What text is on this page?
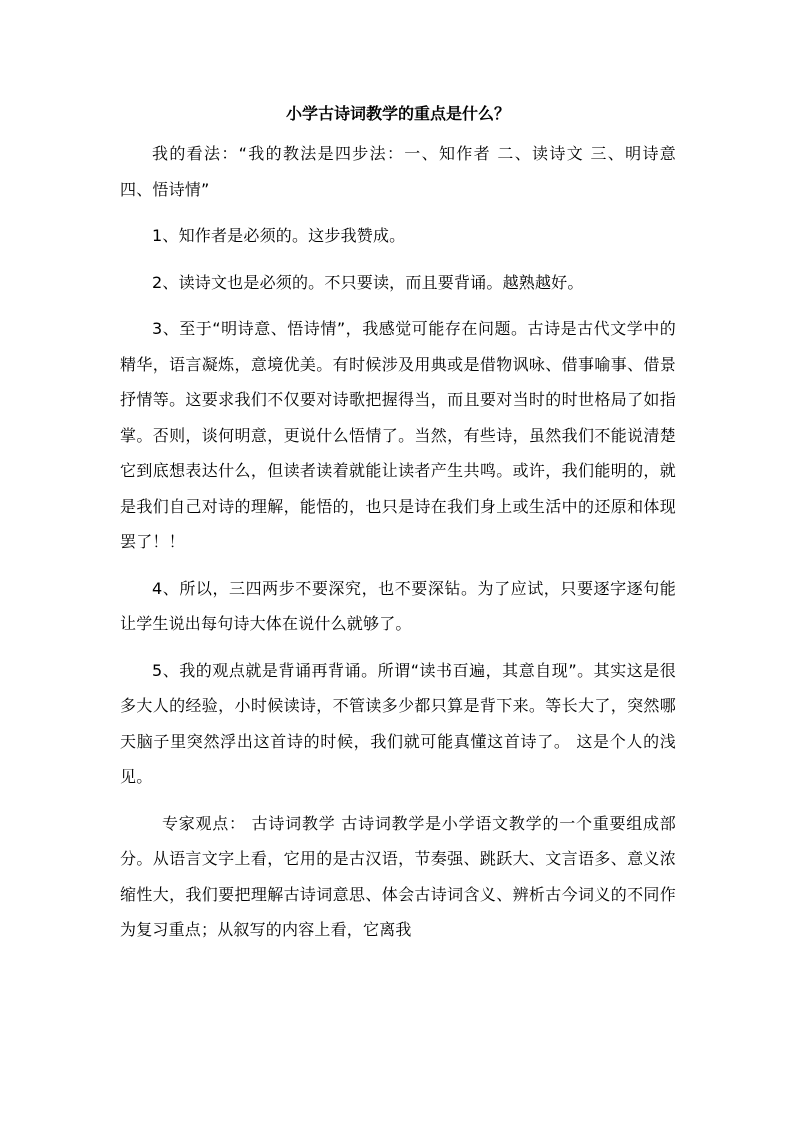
小学古诗词教学的重点是什么？

我的看法：“我的教法是四步法：一、知作者 二、读诗文 三、明诗意 四、悟诗情”

1、知作者是必须的。这步我赞成。

2、读诗文也是必须的。不只要读，而且要背诵。越熟越好。

3、至于“明诗意、悟诗情”，我感觉可能存在问题。古诗是古代文学中的精华，语言凝炼，意境优美。有时候涉及用典或是借物讽咏、借事喻事、借景抒情等。这要求我们不仅要对诗歌把握得当，而且要对当时的时世格局了如指掌。否则，谈何明意，更说什么悟情了。当然，有些诗，虽然我们不能说清楚它到底想表达什么，但读者读着就能让读者产生共鸣。或许，我们能明的，就是我们自己对诗的理解，能悟的，也只是诗在我们身上或生活中的还原和体现罢了！！

4、所以，三四两步不要深究，也不要深钻。为了应试，只要逐字逐句能让学生说出每句诗大体在说什么就够了。

5、我的观点就是背诵再背诵。所谓“读书百遍，其意自现”。其实这是很多大人的经验，小时候读诗，不管读多少都只算是背下来。等长大了，突然哪天脑子里突然浮出这首诗的时候，我们就可能真懂这首诗了。 这是个人的浅见。

专家观点： 古诗词教学 古诗词教学是小学语文教学的一个重要组成部分。从语言文字上看，它用的是古汉语，节奏强、跳跃大、文言语多、意义浓缩性大，我们要把理解古诗词意思、体会古诗词含义、辨析古今词义的不同作为复习重点；从叙写的内容上看，它离我
